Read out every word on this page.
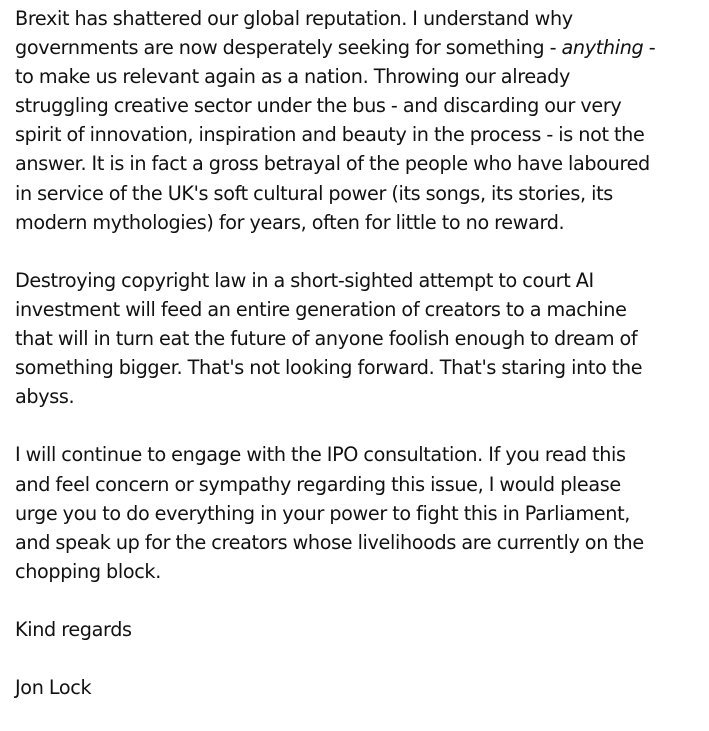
Brexit has shattered our global reputation. I understand why
governments are now desperately seeking for something - anything -
to make us relevant again as a nation. Throwing our already
struggling creative sector under the bus - and discarding our very
spirit of innovation, inspiration and beauty in the process - is not the
answer. It is in fact a gross betrayal of the people who have laboured
in service of the UK's soft cultural power (its songs, its stories, its
modern mythologies) for years, often for little to no reward.

Destroying copyright law in a short-sighted attempt to court AI
investment will feed an entire generation of creators to a machine
that will in turn eat the future of anyone foolish enough to dream of
something bigger. That's not looking forward. That's staring into the
abyss.

I will continue to engage with the IPO consultation. If you read this
and feel concern or sympathy regarding this issue, I would please
urge you to do everything in your power to fight this in Parliament,
and speak up for the creators whose livelihoods are currently on the
chopping block.

Kind regards

Jon Lock
